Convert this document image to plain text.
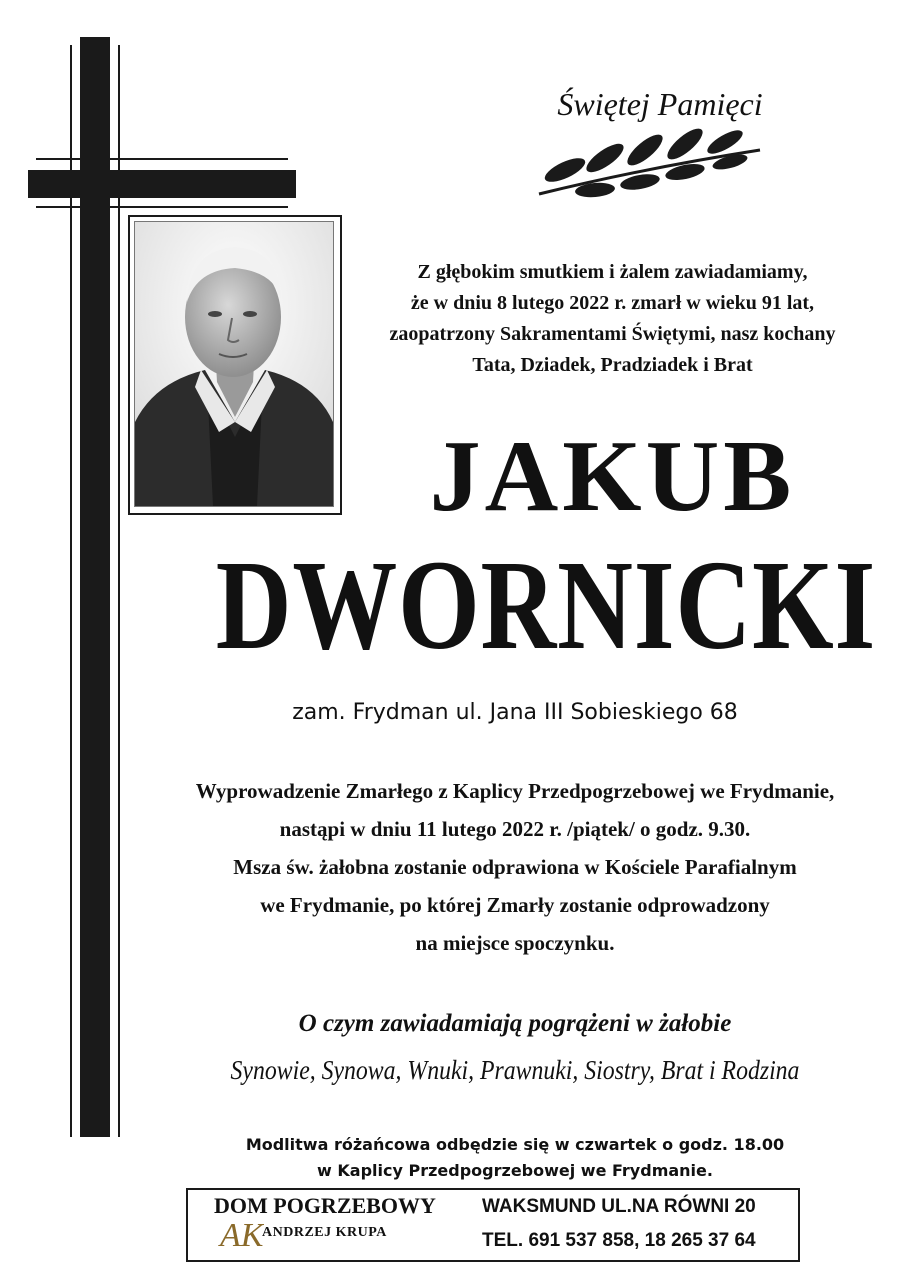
Świętej Pamięci
Z głębokim smutkiem i żalem zawiadamiamy,
że w dniu 8 lutego 2022 r. zmarł w wieku 91 lat,
zaopatrzony Sakramentami Świętymi, nasz kochany
Tata, Dziadek, Pradziadek i Brat
JAKUB
DWORNICKI
zam. Frydman ul. Jana III Sobieskiego 68
Wyprowadzenie Zmarłego z Kaplicy Przedpogrzebowej we Frydmanie,
nastąpi w dniu 11 lutego 2022 r. /piątek/ o godz. 9.30.
Msza św. żałobna zostanie odprawiona w Kościele Parafialnym
we Frydmanie, po której Zmarły zostanie odprowadzony
na miejsce spoczynku.
O czym zawiadamiają pogrążeni w żałobie
Synowie, Synowa, Wnuki, Prawnuki, Siostry, Brat i Rodzina
Modlitwa różańcowa odbędzie się w czwartek o godz. 18.00
w Kaplicy Przedpogrzebowej we Frydmanie.
DOM POGRZEBOWY
AK
ANDRZEJ KRUPA
WAKSMUND UL.NA RÓWNI 20
TEL. 691 537 858, 18 265 37 64
